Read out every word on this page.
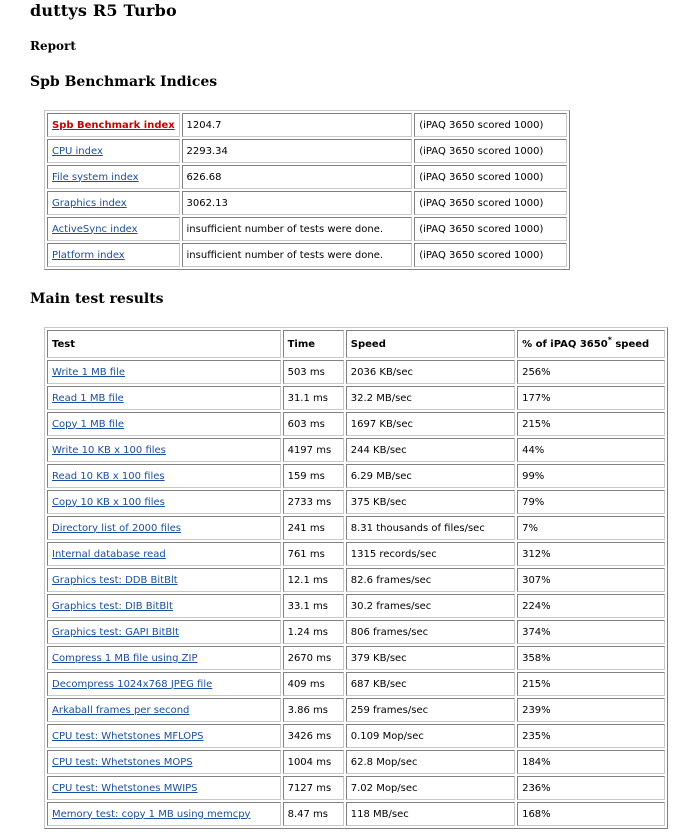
duttys R5 Turbo
Report
Spb Benchmark Indices
Spb Benchmark index	1204.7	(iPAQ 3650 scored 1000)
CPU index	2293.34	(iPAQ 3650 scored 1000)
File system index	626.68	(iPAQ 3650 scored 1000)
Graphics index	3062.13	(iPAQ 3650 scored 1000)
ActiveSync index	insufficient number of tests were done.	(iPAQ 3650 scored 1000)
Platform index	insufficient number of tests were done.	(iPAQ 3650 scored 1000)
Main test results
Test	Time	Speed	% of iPAQ 3650* speed
Write 1 MB file	503 ms	2036 KB/sec	256%
Read 1 MB file	31.1 ms	32.2 MB/sec	177%
Copy 1 MB file	603 ms	1697 KB/sec	215%
Write 10 KB x 100 files	4197 ms	244 KB/sec	44%
Read 10 KB x 100 files	159 ms	6.29 MB/sec	99%
Copy 10 KB x 100 files	2733 ms	375 KB/sec	79%
Directory list of 2000 files	241 ms	8.31 thousands of files/sec	7%
Internal database read	761 ms	1315 records/sec	312%
Graphics test: DDB BitBlt	12.1 ms	82.6 frames/sec	307%
Graphics test: DIB BitBlt	33.1 ms	30.2 frames/sec	224%
Graphics test: GAPI BitBlt	1.24 ms	806 frames/sec	374%
Compress 1 MB file using ZIP	2670 ms	379 KB/sec	358%
Decompress 1024x768 JPEG file	409 ms	687 KB/sec	215%
Arkaball frames per second	3.86 ms	259 frames/sec	239%
CPU test: Whetstones MFLOPS	3426 ms	0.109 Mop/sec	235%
CPU test: Whetstones MOPS	1004 ms	62.8 Mop/sec	184%
CPU test: Whetstones MWIPS	7127 ms	7.02 Mop/sec	236%
Memory test: copy 1 MB using memcpy	8.47 ms	118 MB/sec	168%
